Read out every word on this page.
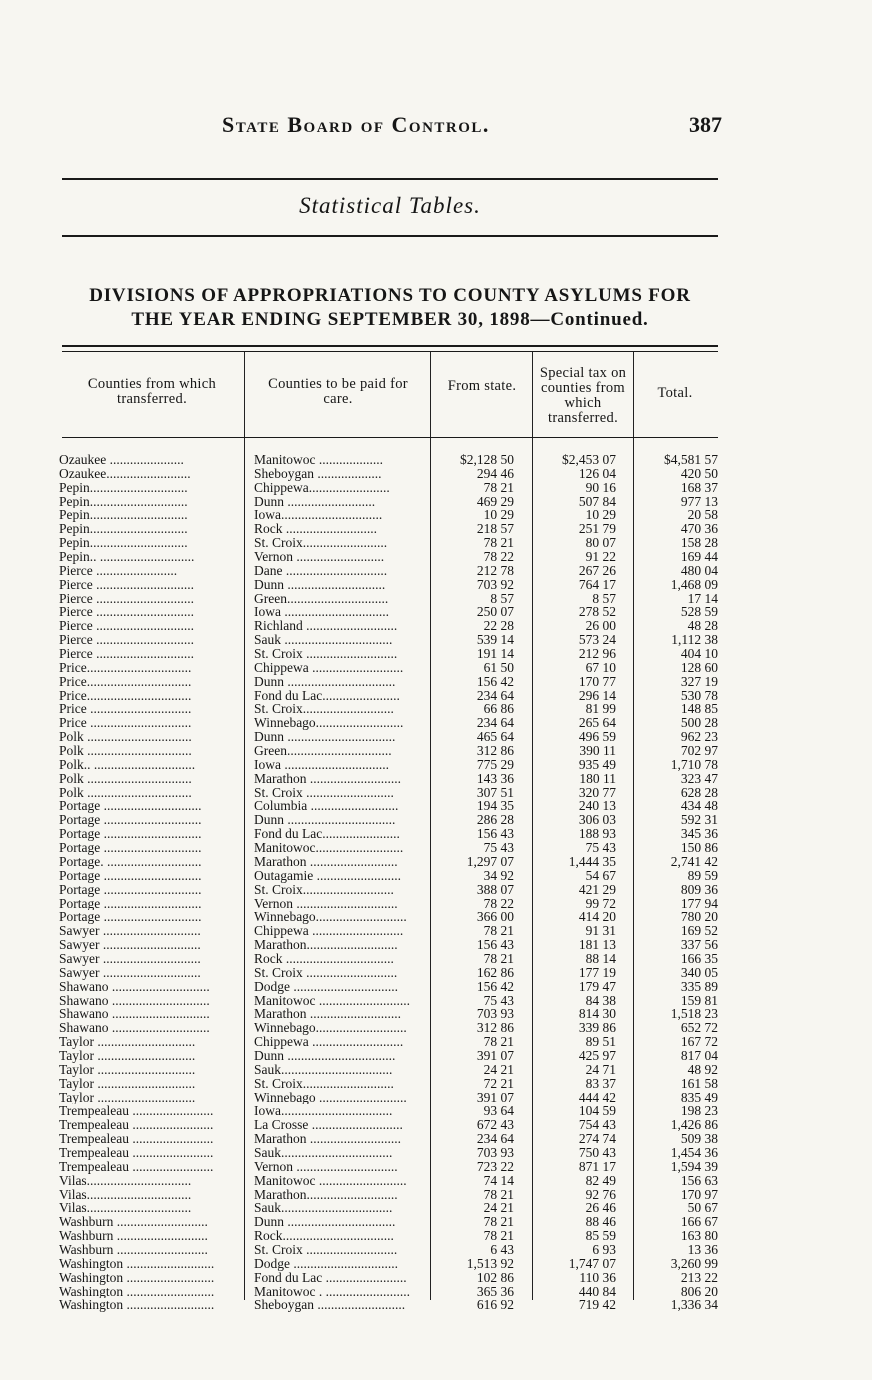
State Board of Control.	387
Statistical Tables.
DIVISIONS OF APPROPRIATIONS TO COUNTY ASYLUMS FOR
THE YEAR ENDING SEPTEMBER 30, 1898—Continued.
Counties from which transferred.
Counties to be paid for care.
From state.
Special tax on counties from which transferred.
Total.
Ozaukee ......................	Manitowoc ...................	$2,128 50	$2,453 07	$4,581 57
Ozaukee.........................	Sheboygan ...................	294 46	126 04	420 50
Pepin.............................	Chippewa........................	78 21	90 16	168 37
Pepin.............................	Dunn ..........................	469 29	507 84	977 13
Pepin.............................	Iowa..............................	10 29	10 29	20 58
Pepin.............................	Rock ...........................	218 57	251 79	470 36
Pepin.............................	St. Croix.........................	78 21	80 07	158 28
Pepin.. ............................	Vernon ..........................	78 22	91 22	169 44
Pierce ........................	Dane ..............................	212 78	267 26	480 04
Pierce .............................	Dunn .............................	703 92	764 17	1,468 09
Pierce .............................	Green..............................	8 57	8 57	17 14
Pierce .............................	Iowa ...............................	250 07	278 52	528 59
Pierce .............................	Richland ...........................	22 28	26 00	48 28
Pierce .............................	Sauk ................................	539 14	573 24	1,112 38
Pierce .............................	St. Croix ...........................	191 14	212 96	404 10
Price...............................	Chippewa ...........................	61 50	67 10	128 60
Price...............................	Dunn ................................	156 42	170 77	327 19
Price...............................	Fond du Lac.......................	234 64	296 14	530 78
Price ..............................	St. Croix...........................	66 86	81 99	148 85
Price ..............................	Winnebago..........................	234 64	265 64	500 28
Polk ...............................	Dunn ................................	465 64	496 59	962 23
Polk ...............................	Green...............................	312 86	390 11	702 97
Polk.. ..............................	Iowa ...............................	775 29	935 49	1,710 78
Polk ...............................	Marathon ...........................	143 36	180 11	323 47
Polk ...............................	St. Croix ..........................	307 51	320 77	628 28
Portage .............................	Columbia ..........................	194 35	240 13	434 48
Portage .............................	Dunn ................................	286 28	306 03	592 31
Portage .............................	Fond du Lac.......................	156 43	188 93	345 36
Portage .............................	Manitowoc..........................	75 43	75 43	150 86
Portage. ............................	Marathon ..........................	1,297 07	1,444 35	2,741 42
Portage .............................	Outagamie .........................	34 92	54 67	89 59
Portage .............................	St. Croix...........................	388 07	421 29	809 36
Portage .............................	Vernon ..............................	78 22	99 72	177 94
Portage .............................	Winnebago...........................	366 00	414 20	780 20
Sawyer .............................	Chippewa ...........................	78 21	91 31	169 52
Sawyer .............................	Marathon...........................	156 43	181 13	337 56
Sawyer .............................	Rock ................................	78 21	88 14	166 35
Sawyer .............................	St. Croix ...........................	162 86	177 19	340 05
Shawano .............................	Dodge ...............................	156 42	179 47	335 89
Shawano .............................	Manitowoc ...........................	75 43	84 38	159 81
Shawano .............................	Marathon ...........................	703 93	814 30	1,518 23
Shawano .............................	Winnebago...........................	312 86	339 86	652 72
Taylor .............................	Chippewa ...........................	78 21	89 51	167 72
Taylor .............................	Dunn ................................	391 07	425 97	817 04
Taylor .............................	Sauk.................................	24 21	24 71	48 92
Taylor .............................	St. Croix...........................	72 21	83 37	161 58
Taylor .............................	Winnebago ..........................	391 07	444 42	835 49
Trempealeau ........................	Iowa.................................	93 64	104 59	198 23
Trempealeau ........................	La Crosse ...........................	672 43	754 43	1,426 86
Trempealeau ........................	Marathon ...........................	234 64	274 74	509 38
Trempealeau ........................	Sauk.................................	703 93	750 43	1,454 36
Trempealeau ........................	Vernon ..............................	723 22	871 17	1,594 39
Vilas...............................	Manitowoc ..........................	74 14	82 49	156 63
Vilas...............................	Marathon...........................	78 21	92 76	170 97
Vilas...............................	Sauk.................................	24 21	26 46	50 67
Washburn ...........................	Dunn ................................	78 21	88 46	166 67
Washburn ...........................	Rock.................................	78 21	85 59	163 80
Washburn ...........................	St. Croix ...........................	6 43	6 93	13 36
Washington ..........................	Dodge ...............................	1,513 92	1,747 07	3,260 99
Washington ..........................	Fond du Lac ........................	102 86	110 36	213 22
Washington ..........................	Manitowoc . .........................	365 36	440 84	806 20
Washington ..........................	Sheboygan ..........................	616 92	719 42	1,336 34
